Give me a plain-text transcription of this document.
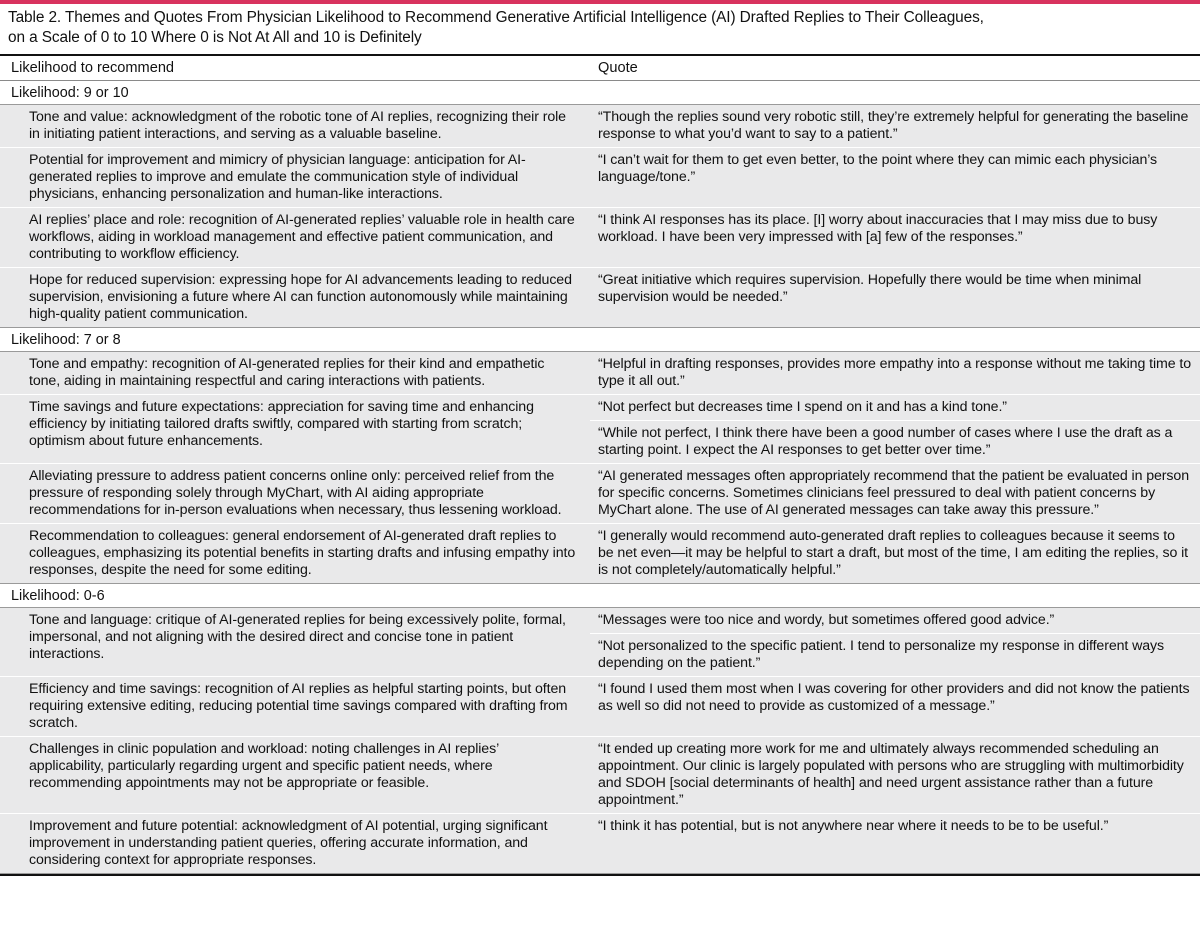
Table 2. Themes and Quotes From Physician Likelihood to Recommend Generative Artificial Intelligence (AI) Drafted Replies to Their Colleagues,
on a Scale of 0 to 10 Where 0 is Not At All and 10 is Definitely
Likelihood to recommend	Quote
Likelihood: 9 or 10
Tone and value: acknowledgment of the robotic tone of AI replies, recognizing their role in initiating patient interactions, and serving as a valuable baseline.
“Though the replies sound very robotic still, they’re extremely helpful for generating the baseline response to what you’d want to say to a patient.”
Potential for improvement and mimicry of physician language: anticipation for AI-generated replies to improve and emulate the communication style of individual physicians, enhancing personalization and human-like interactions.
“I can’t wait for them to get even better, to the point where they can mimic each physician’s language/tone.”
AI replies’ place and role: recognition of AI-generated replies’ valuable role in health care workflows, aiding in workload management and effective patient communication, and contributing to workflow efficiency.
“I think AI responses has its place. [I] worry about inaccuracies that I may miss due to busy workload. I have been very impressed with [a] few of the responses.”
Hope for reduced supervision: expressing hope for AI advancements leading to reduced supervision, envisioning a future where AI can function autonomously while maintaining high-quality patient communication.
“Great initiative which requires supervision. Hopefully there would be time when minimal supervision would be needed.”
Likelihood: 7 or 8
Tone and empathy: recognition of AI-generated replies for their kind and empathetic tone, aiding in maintaining respectful and caring interactions with patients.
“Helpful in drafting responses, provides more empathy into a response without me taking time to type it all out.”
Time savings and future expectations: appreciation for saving time and enhancing efficiency by initiating tailored drafts swiftly, compared with starting from scratch; optimism about future enhancements.
“Not perfect but decreases time I spend on it and has a kind tone.”
“While not perfect, I think there have been a good number of cases where I use the draft as a starting point. I expect the AI responses to get better over time.”
Alleviating pressure to address patient concerns online only: perceived relief from the pressure of responding solely through MyChart, with AI aiding appropriate recommendations for in-person evaluations when necessary, thus lessening workload.
“AI generated messages often appropriately recommend that the patient be evaluated in person for specific concerns. Sometimes clinicians feel pressured to deal with patient concerns by MyChart alone. The use of AI generated messages can take away this pressure.”
Recommendation to colleagues: general endorsement of AI-generated draft replies to colleagues, emphasizing its potential benefits in starting drafts and infusing empathy into responses, despite the need for some editing.
“I generally would recommend auto-generated draft replies to colleagues because it seems to be net even—it may be helpful to start a draft, but most of the time, I am editing the replies, so it is not completely/automatically helpful.”
Likelihood: 0-6
Tone and language: critique of AI-generated replies for being excessively polite, formal, impersonal, and not aligning with the desired direct and concise tone in patient interactions.
“Messages were too nice and wordy, but sometimes offered good advice.”
“Not personalized to the specific patient. I tend to personalize my response in different ways depending on the patient.”
Efficiency and time savings: recognition of AI replies as helpful starting points, but often requiring extensive editing, reducing potential time savings compared with drafting from scratch.
“I found I used them most when I was covering for other providers and did not know the patients as well so did not need to provide as customized of a message.”
Challenges in clinic population and workload: noting challenges in AI replies’ applicability, particularly regarding urgent and specific patient needs, where recommending appointments may not be appropriate or feasible.
“It ended up creating more work for me and ultimately always recommended scheduling an appointment. Our clinic is largely populated with persons who are struggling with multimorbidity and SDOH [social determinants of health] and need urgent assistance rather than a future appointment.”
Improvement and future potential: acknowledgment of AI potential, urging significant improvement in understanding patient queries, offering accurate information, and considering context for appropriate responses.
“I think it has potential, but is not anywhere near where it needs to be to be useful.”
